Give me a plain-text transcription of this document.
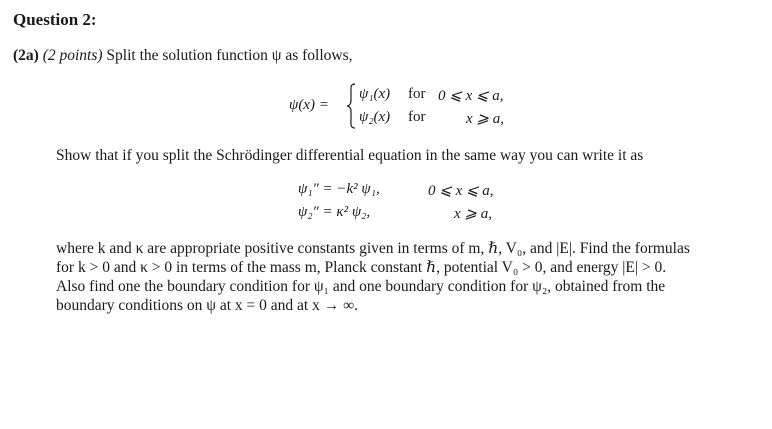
Question 2:
(2a) (2 points) Split the solution function ψ as follows,
ψ(x) =
ψ₁(x) for 0 ⩽ x ⩽ a,
ψ₂(x) for	x ⩾ a,
Show that if you split the Schrödinger differential equation in the same way you can write it as
ψ₁″ = −k² ψ₁,	0 ⩽ x ⩽ a,
ψ₂″ = κ² ψ₂,	x ⩾ a,
where k and κ are appropriate positive constants given in terms of m, ℏ, V₀, and |E|. Find the formulas
for k > 0 and κ > 0 in terms of the mass m, Planck constant ℏ, potential V₀ > 0, and energy |E| > 0.
Also find one the boundary condition for ψ₁ and one boundary condition for ψ₂, obtained from the
boundary conditions on ψ at x = 0 and at x → ∞.
